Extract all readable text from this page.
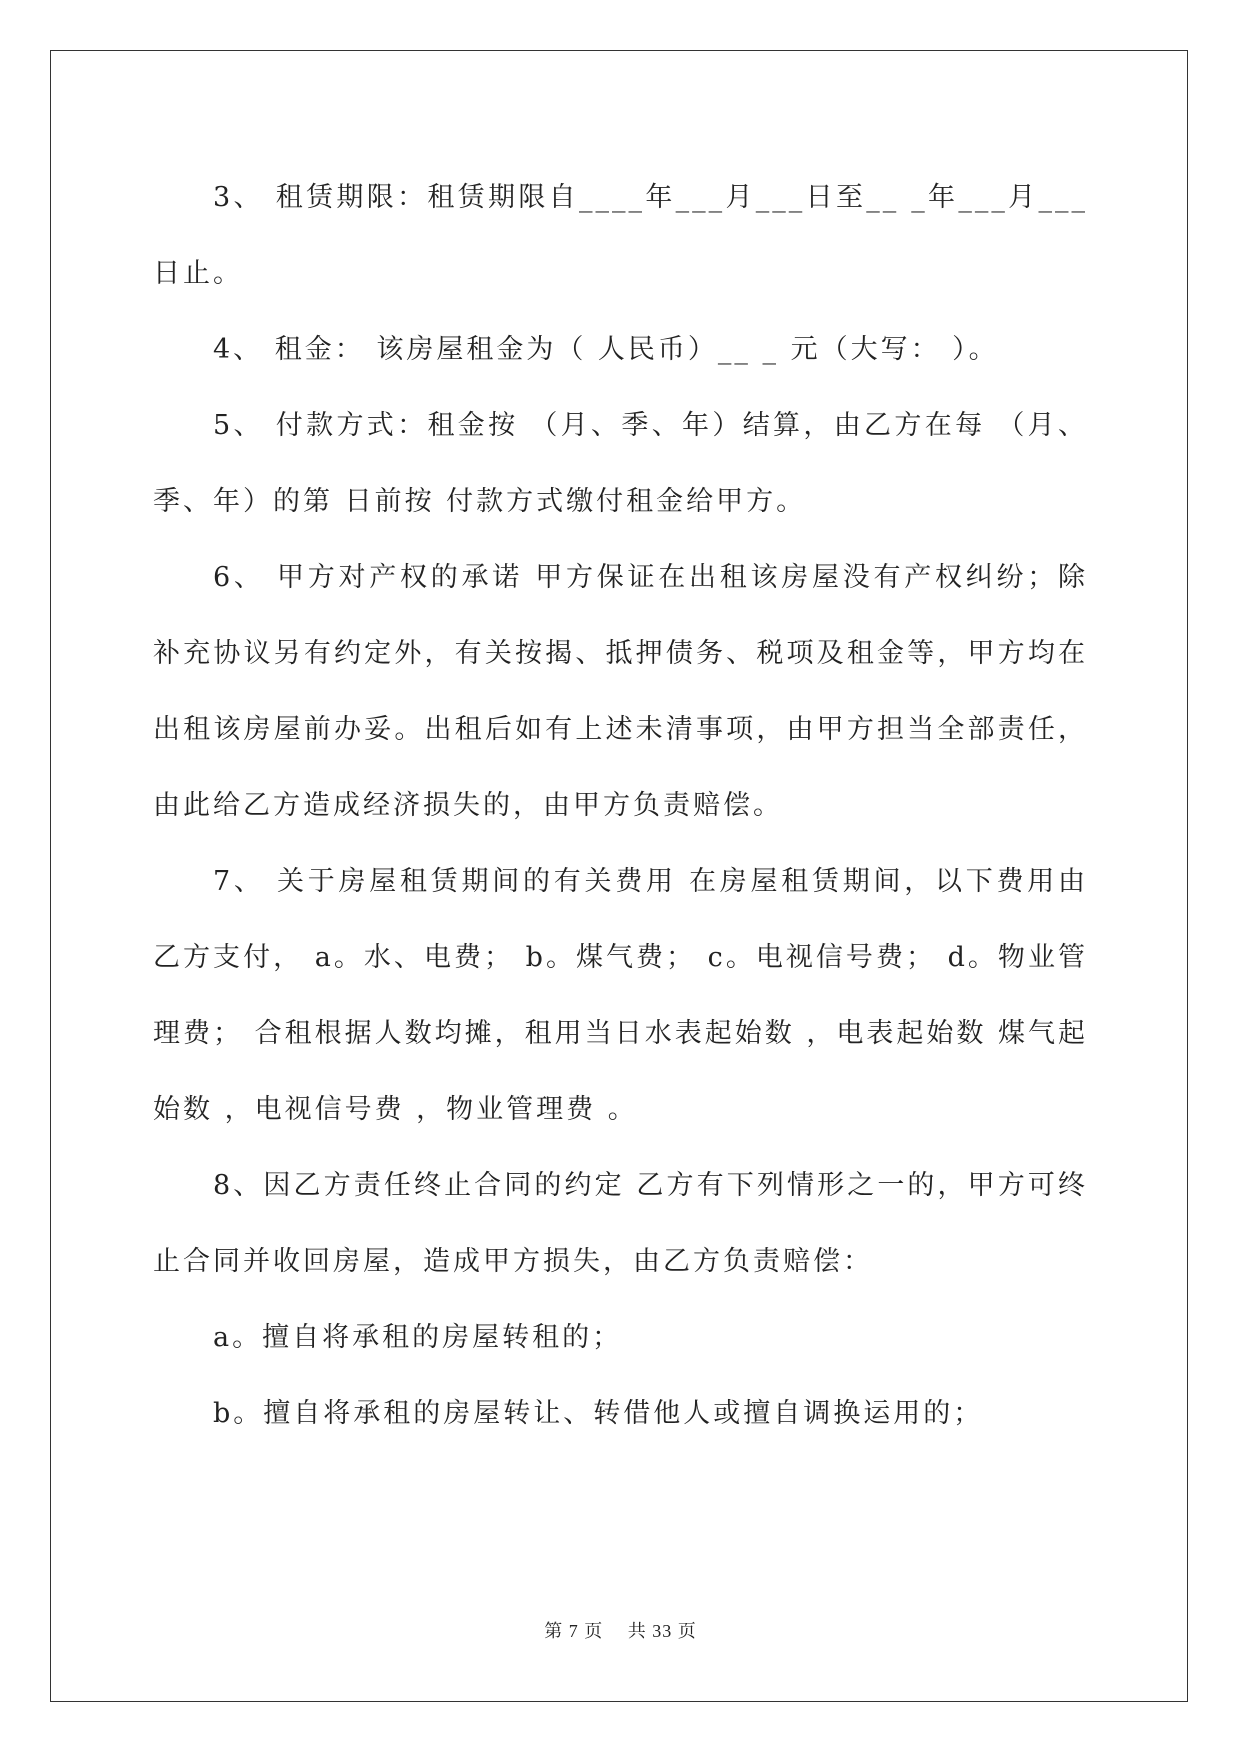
3、 租赁期限：租赁期限自____年___月___日至__ _年___月___日止。

4、 租金： 该房屋租金为（ 人民币）__ _ 元（大写： ）。

5、 付款方式：租金按 （月、季、年）结算，由乙方在每 （月、季、年）的第 日前按 付款方式缴付租金给甲方。

6、 甲方对产权的承诺 甲方保证在出租该房屋没有产权纠纷；除补充协议另有约定外，有关按揭、抵押债务、税项及租金等，甲方均在出租该房屋前办妥。出租后如有上述未清事项，由甲方担当全部责任，由此给乙方造成经济损失的，由甲方负责赔偿。

7、 关于房屋租赁期间的有关费用 在房屋租赁期间，以下费用由乙方支付， a。水、电费； b。煤气费； c。电视信号费； d。物业管理费； 合租根据人数均摊，租用当日水表起始数 ，电表起始数 煤气起始数 ，电视信号费 ，物业管理费 。

8、因乙方责任终止合同的约定 乙方有下列情形之一的，甲方可终止合同并收回房屋，造成甲方损失，由乙方负责赔偿：

a。擅自将承租的房屋转租的；

b。擅自将承租的房屋转让、转借他人或擅自调换运用的；

第 7 页　 共 33 页
